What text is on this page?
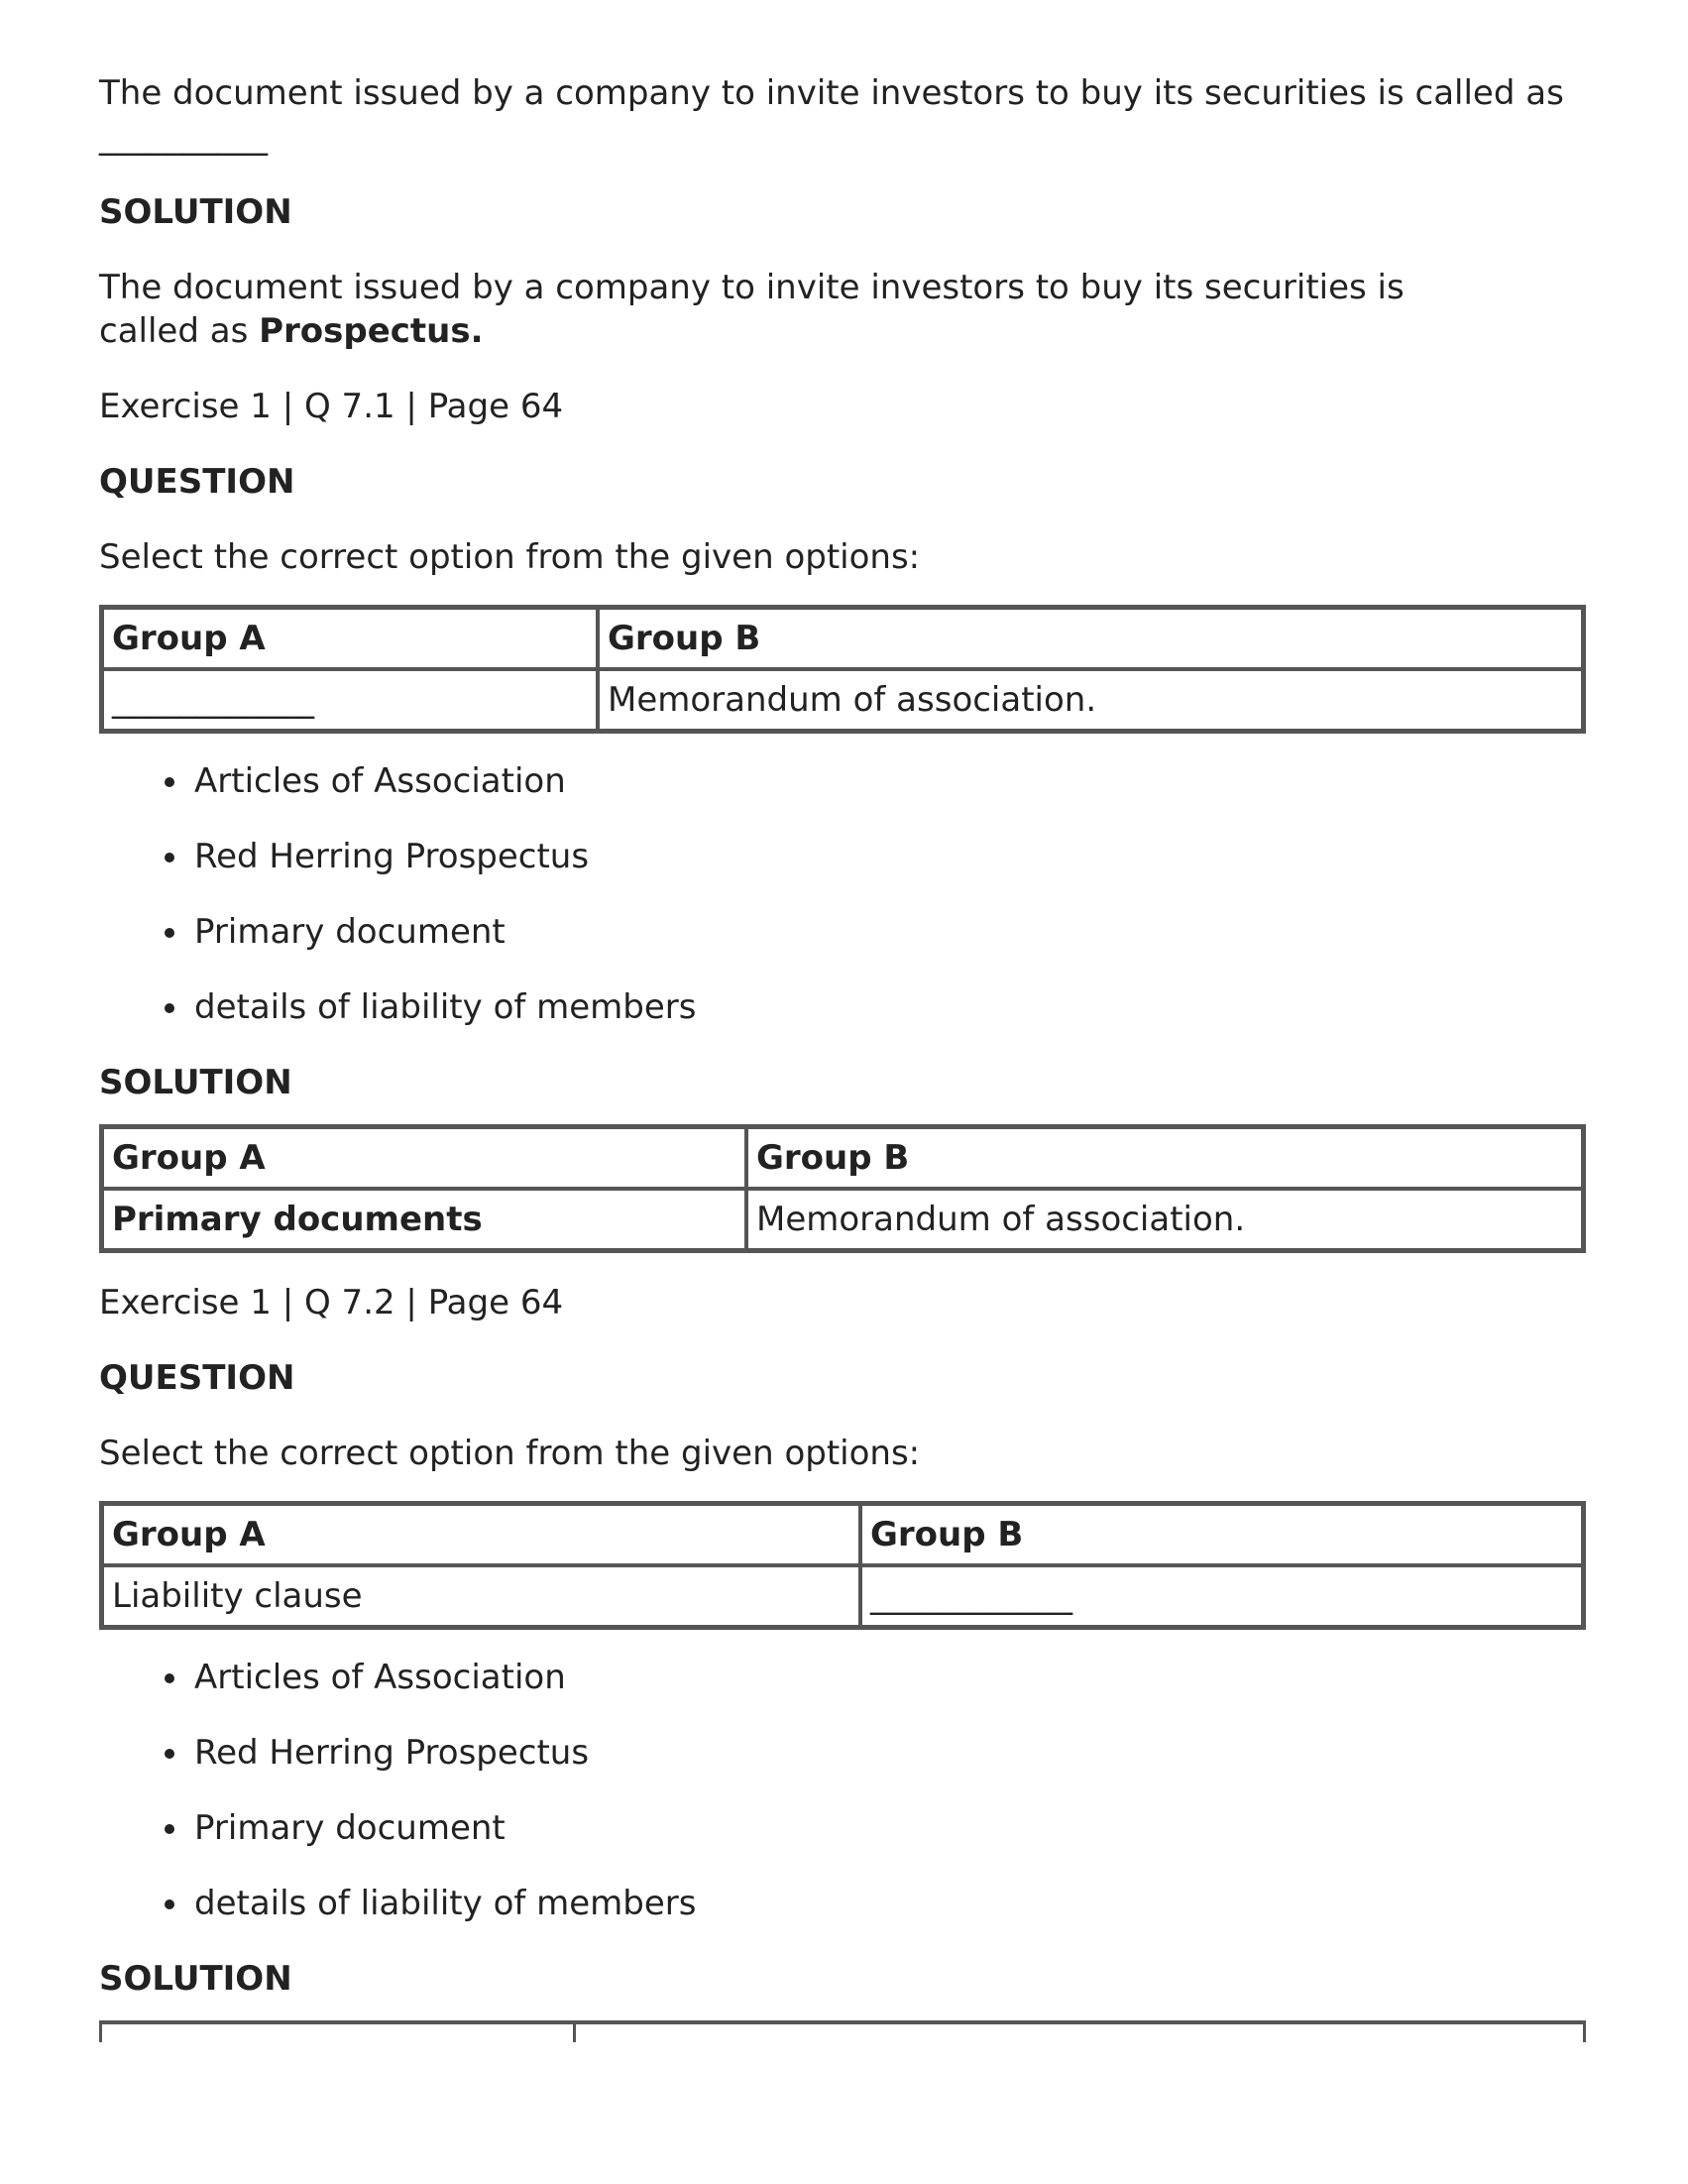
The document issued by a company to invite investors to buy its securities is called as

__________

SOLUTION

The document issued by a company to invite investors to buy its securities is called as Prospectus.

Exercise 1 | Q 7.1 | Page 64

QUESTION

Select the correct option from the given options:

Group A	Group B
____________	Memorandum of association.
Articles of Association
Red Herring Prospectus
Primary document
details of liability of members

SOLUTION

Group A	Group B
Primary documents	Memorandum of association.

Exercise 1 | Q 7.2 | Page 64

QUESTION

Select the correct option from the given options:

Group A	Group B
Liability clause	____________
Articles of Association
Red Herring Prospectus
Primary document
details of liability of members

SOLUTION
